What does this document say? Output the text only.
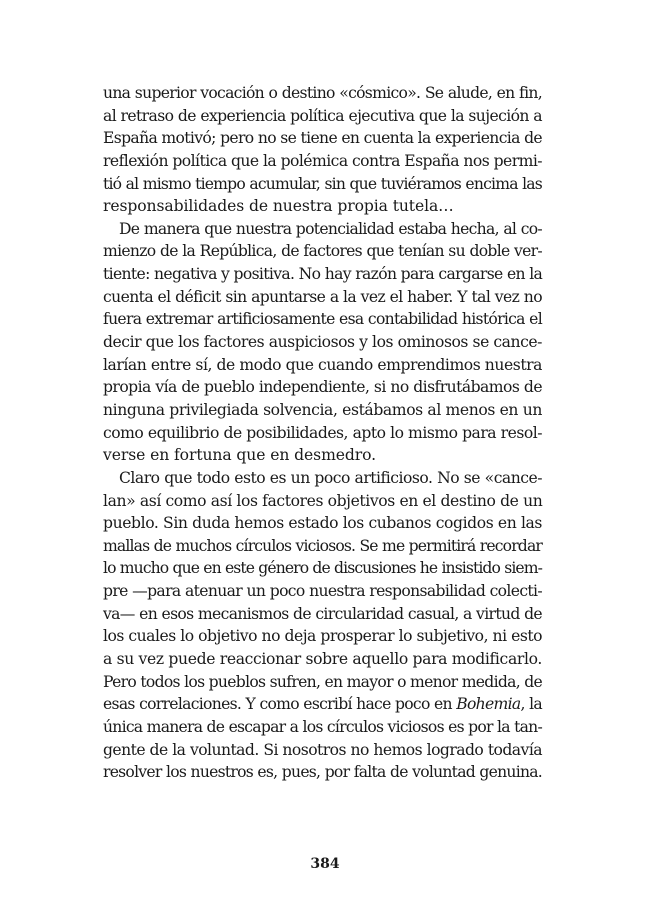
una superior vocación o destino «cósmico». Se alude, en fin,
al retraso de experiencia política ejecutiva que la sujeción a
España motivó; pero no se tiene en cuenta la experiencia de
reflexión política que la polémica contra España nos permi-
tió al mismo tiempo acumular, sin que tuviéramos encima las
responsabilidades de nuestra propia tutela…
De manera que nuestra potencialidad estaba hecha, al co-
mienzo de la República, de factores que tenían su doble ver-
tiente: negativa y positiva. No hay razón para cargarse en la
cuenta el déficit sin apuntarse a la vez el haber. Y tal vez no
fuera extremar artificiosamente esa contabilidad histórica el
decir que los factores auspiciosos y los ominosos se cance-
larían entre sí, de modo que cuando emprendimos nuestra
propia vía de pueblo independiente, si no disfrutábamos de
ninguna privilegiada solvencia, estábamos al menos en un
como equilibrio de posibilidades, apto lo mismo para resol-
verse en fortuna que en desmedro.
Claro que todo esto es un poco artificioso. No se «cance-
lan» así como así los factores objetivos en el destino de un
pueblo. Sin duda hemos estado los cubanos cogidos en las
mallas de muchos círculos viciosos. Se me permitirá recordar
lo mucho que en este género de discusiones he insistido siem-
pre —para atenuar un poco nuestra responsabilidad colecti-
va— en esos mecanismos de circularidad casual, a virtud de
los cuales lo objetivo no deja prosperar lo subjetivo, ni esto
a su vez puede reaccionar sobre aquello para modificarlo.
Pero todos los pueblos sufren, en mayor o menor medida, de
esas correlaciones. Y como escribí hace poco en Bohemia, la
única manera de escapar a los círculos viciosos es por la tan-
gente de la voluntad. Si nosotros no hemos logrado todavía
resolver los nuestros es, pues, por falta de voluntad genuina.
384
